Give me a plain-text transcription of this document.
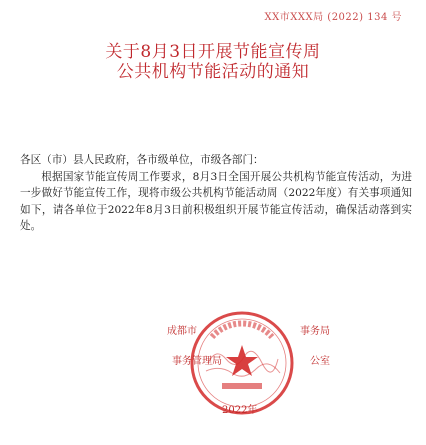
XX市XXX局 (2022) 134 号
关于8月3日开展节能宣传周
公共机构节能活动的通知
各区（市）县人民政府，各市级单位，市级各部门：
根据国家节能宣传周工作要求，8月3日全国开展公共机构节能宣传活动，为进一步做好节能宣传工作，现将市级公共机构节能活动周（2022年度）有关事项通知如下，请各单位于2022年8月3日前积极组织开展节能宣传活动，确保活动落到实处。
成都市
事务管理局
事务局
公室
2022年
